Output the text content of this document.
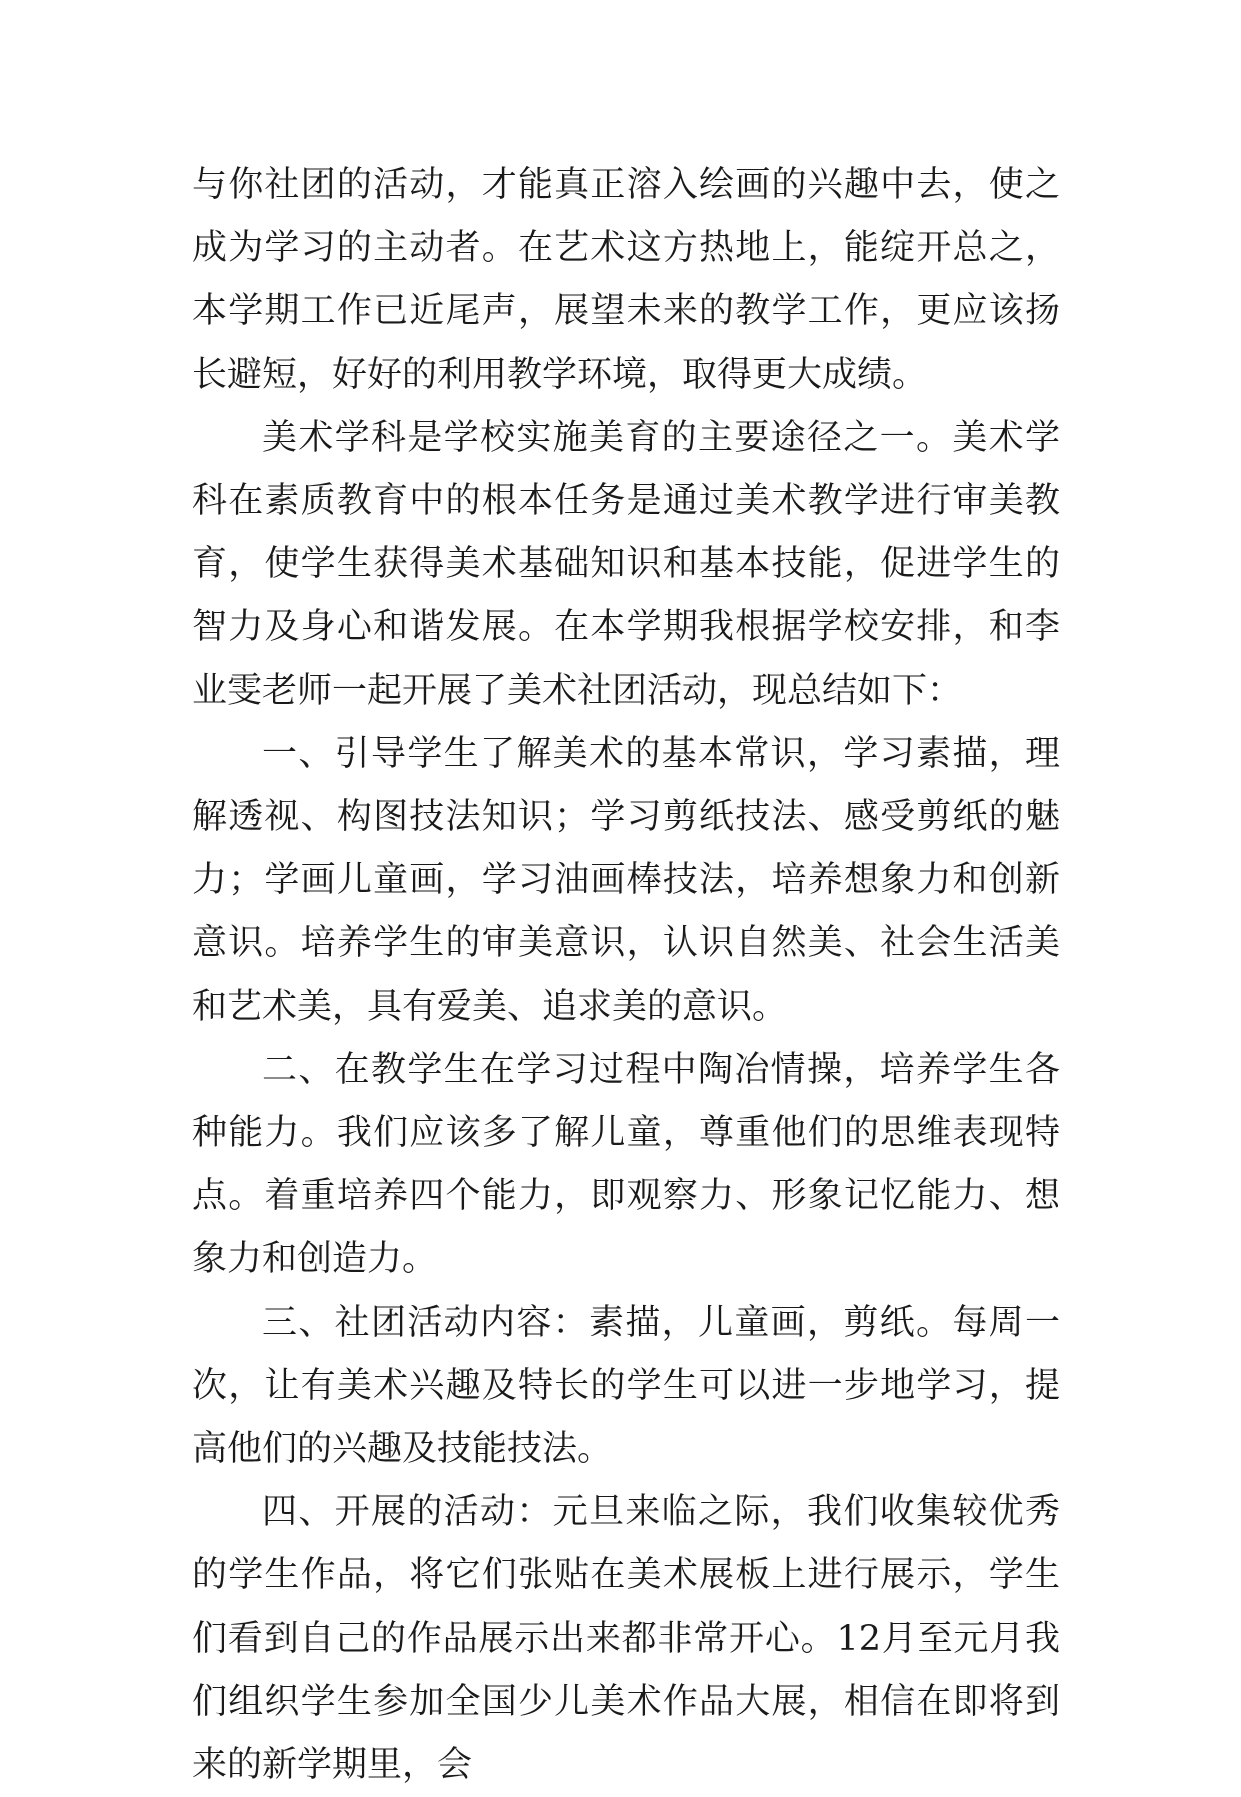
与你社团的活动，才能真正溶入绘画的兴趣中去，使之成为学习的主动者。在艺术这方热地上，能绽开总之，本学期工作已近尾声，展望未来的教学工作，更应该扬长避短，好好的利用教学环境，取得更大成绩。

美术学科是学校实施美育的主要途径之一。美术学科在素质教育中的根本任务是通过美术教学进行审美教育，使学生获得美术基础知识和基本技能，促进学生的智力及身心和谐发展。在本学期我根据学校安排，和李业雯老师一起开展了美术社团活动，现总结如下：

一、引导学生了解美术的基本常识，学习素描，理解透视、构图技法知识；学习剪纸技法、感受剪纸的魅力；学画儿童画，学习油画棒技法，培养想象力和创新意识。培养学生的审美意识，认识自然美、社会生活美和艺术美，具有爱美、追求美的意识。

二、在教学生在学习过程中陶冶情操，培养学生各种能力。我们应该多了解儿童，尊重他们的思维表现特点。着重培养四个能力，即观察力、形象记忆能力、想象力和创造力。

三、社团活动内容：素描，儿童画，剪纸。每周一次，让有美术兴趣及特长的学生可以进一步地学习，提高他们的兴趣及技能技法。

四、开展的活动：元旦来临之际，我们收集较优秀的学生作品，将它们张贴在美术展板上进行展示，学生们看到自己的作品展示出来都非常开心。12月至元月我们组织学生参加全国少儿美术作品大展，相信在即将到来的新学期里，会
